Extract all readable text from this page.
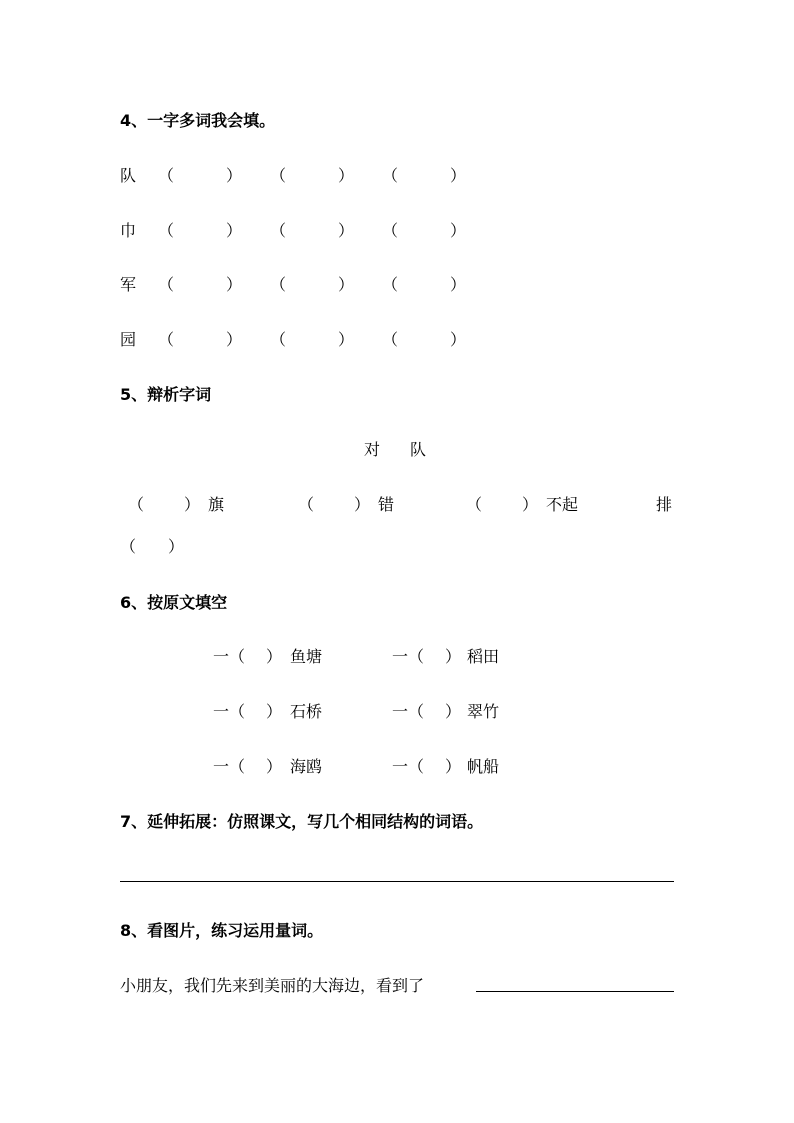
4、一字多词我会填。
队 （	） （	） （	）
巾 （	） （	） （	）
军 （	） （	） （	）
园 （	） （	） （	）
5、辩析字词
对 队
（ ） 旗	（ ） 错	（ ） 不起	排
（　　）
6、按原文填空
一（ ） 鱼塘	一（ ） 稻田
一（ ） 石桥	一（ ） 翠竹
一（ ） 海鸥	一（ ） 帆船
7、延伸拓展：仿照课文，写几个相同结构的词语。
8、看图片，练习运用量词。
小朋友，我们先来到美丽的大海边，看到了
